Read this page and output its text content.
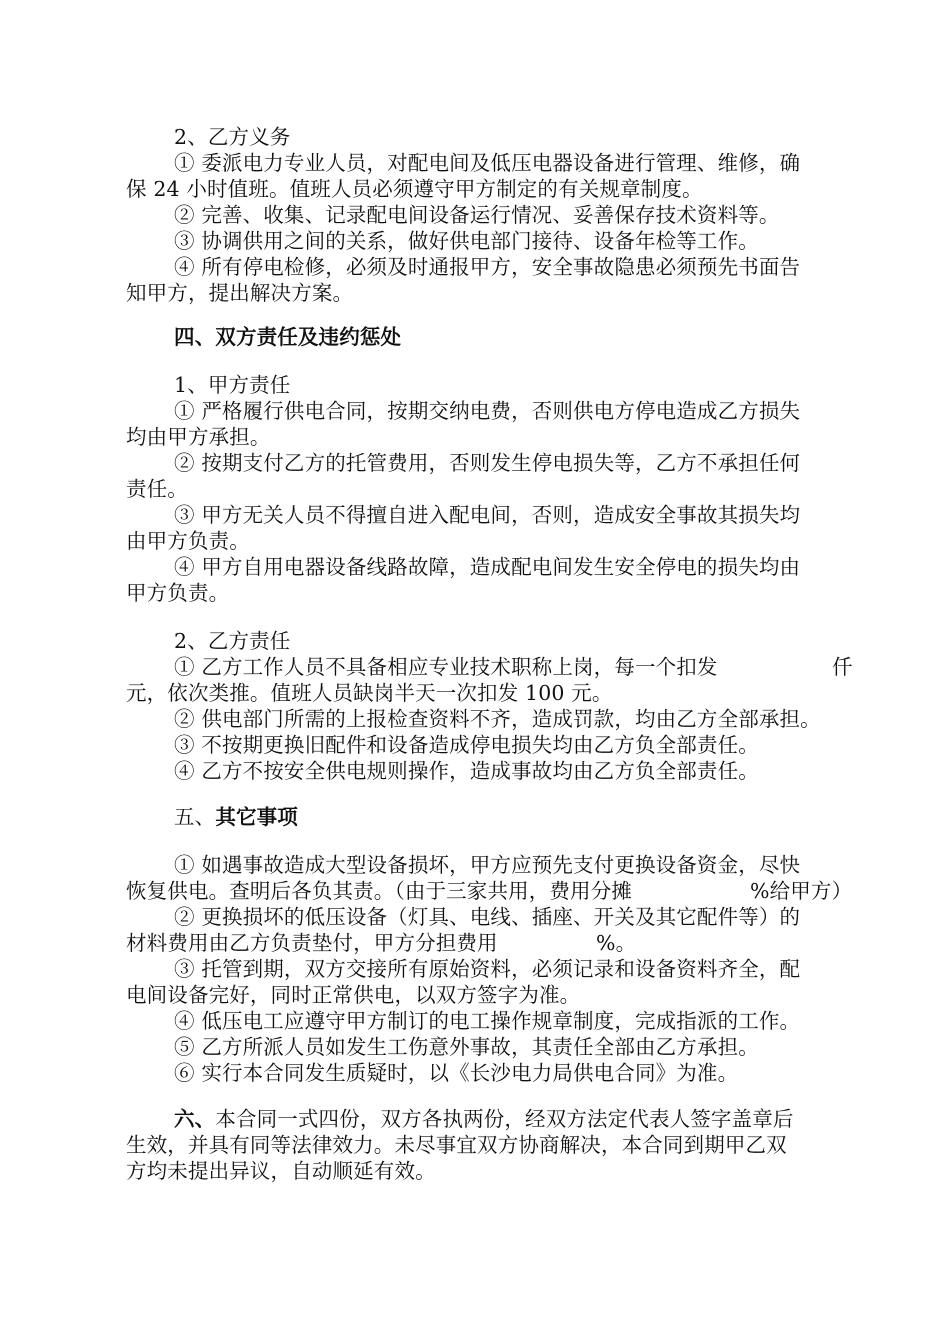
2、乙方义务
① 委派电力专业人员，对配电间及低压电器设备进行管理、维修，确
保 24 小时值班。值班人员必须遵守甲方制定的有关规章制度。
② 完善、收集、记录配电间设备运行情况、妥善保存技术资料等。
③ 协调供用之间的关系，做好供电部门接待、设备年检等工作。
④ 所有停电检修，必须及时通报甲方，安全事故隐患必须预先书面告
知甲方，提出解决方案。
四、双方责任及违约惩处
1、甲方责任
① 严格履行供电合同，按期交纳电费，否则供电方停电造成乙方损失
均由甲方承担。
② 按期支付乙方的托管费用，否则发生停电损失等，乙方不承担任何
责任。
③ 甲方无关人员不得擅自进入配电间，否则，造成安全事故其损失均
由甲方负责。
④ 甲方自用电器设备线路故障，造成配电间发生安全停电的损失均由
甲方负责。
2、乙方责任
① 乙方工作人员不具备相应专业技术职称上岗，每一个扣发	仟
元，依次类推。值班人员缺岗半天一次扣发 100 元。
② 供电部门所需的上报检查资料不齐，造成罚款，均由乙方全部承担。
③ 不按期更换旧配件和设备造成停电损失均由乙方负全部责任。
④ 乙方不按安全供电规则操作，造成事故均由乙方负全部责任。
五、其它事项
① 如遇事故造成大型设备损坏，甲方应预先支付更换设备资金，尽快
恢复供电。查明后各负其责。（由于三家共用，费用分摊	%给甲方）
② 更换损坏的低压设备（灯具、电线、插座、开关及其它配件等）的
材料费用由乙方负责垫付，甲方分担费用	%。
③ 托管到期，双方交接所有原始资料，必须记录和设备资料齐全，配
电间设备完好，同时正常供电，以双方签字为准。
④ 低压电工应遵守甲方制订的电工操作规章制度，完成指派的工作。
⑤ 乙方所派人员如发生工伤意外事故，其责任全部由乙方承担。
⑥ 实行本合同发生质疑时，以《长沙电力局供电合同》为准。
六、本合同一式四份，双方各执两份，经双方法定代表人签字盖章后
生效，并具有同等法律效力。未尽事宜双方协商解决，本合同到期甲乙双
方均未提出异议，自动顺延有效。
